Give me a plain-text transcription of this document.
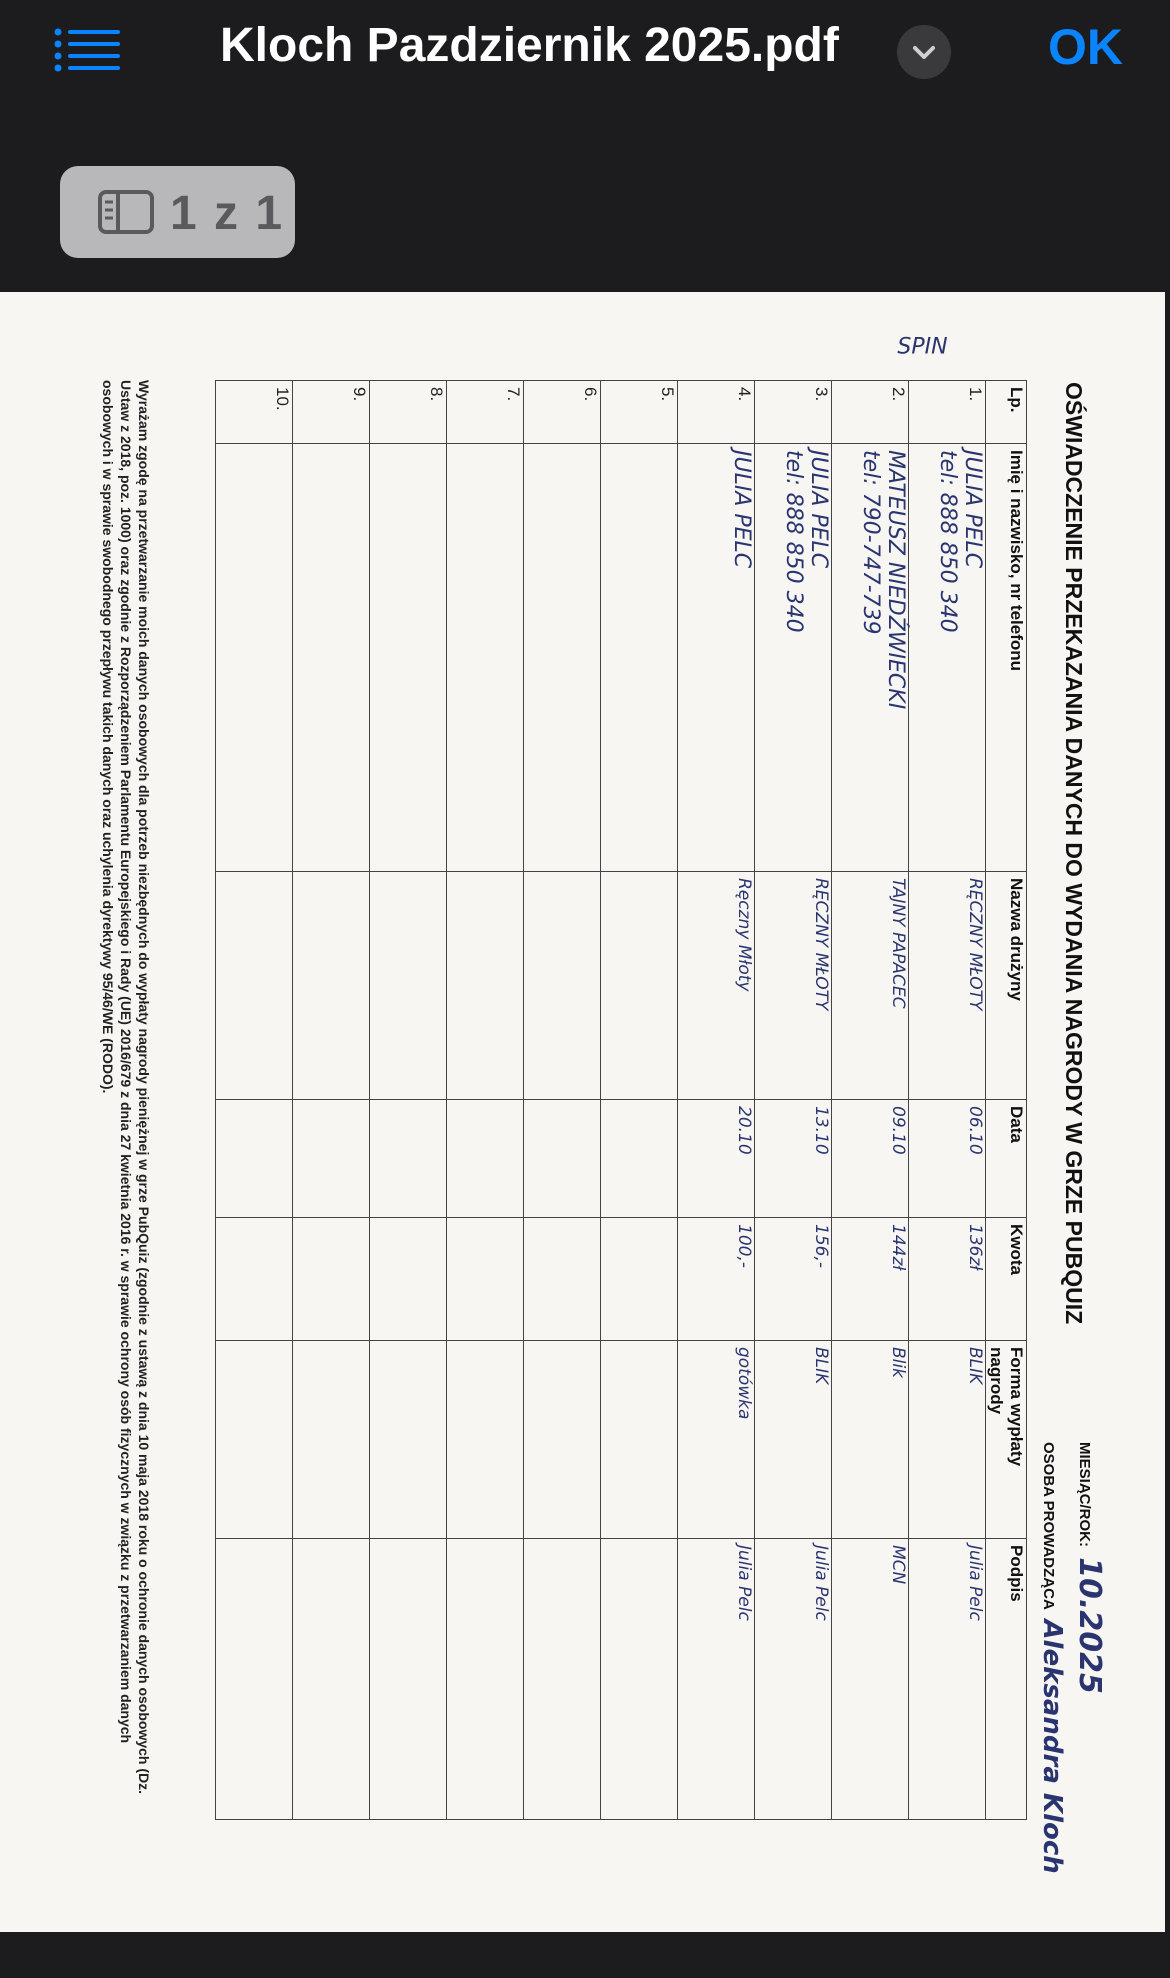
Kloch Pazdziernik 2025.pdf	OK
1 z 1
OŚWIADCZENIE PRZEKAZANIA DANYCH DO WYDANIA NAGRODY W GRZE PUBQUIZ
MIESIĄC/ROK: 10.2025
OSOBA PROWADZĄCA Aleksandra Kloch
SPIN
Lp.	Imię i nazwisko, nr telefonu	Nazwa drużyny	Data	Kwota	Forma wypłaty nagrody	Podpis
1.	JULIA PELC
tel: 888 850 340	RĘCZNY MŁOTY	06.10	136zł	BLIK	Julia Pelc
2.	MATEUSZ NIEDŹWIECKI
tel: 790-747-739	TAJNY PAPACEC	09.10	144zł	Blik	MCN
3.	JULIA PELC
tel: 888 850 340	RĘCZNY MŁOTY	13.10	156,-	BLIK	Julia Pelc
4.	JULIA PELC	Ręczny Młoty	20.10	100,-	gotówka	Julia Pelc
5.						
6.						
7.						
8.						
9.						
10.						
Wyrażam zgodę na przetwarzanie moich danych osobowych dla potrzeb niezbędnych do wypłaty nagrody pieniężnej w grze PubQuiz (zgodnie z ustawą z dnia 10 maja 2018 roku o ochronie danych osobowych (Dz. Ustaw z 2018, poz. 1000) oraz zgodnie z Rozporządzeniem Parlamentu Europejskiego i Rady (UE) 2016/679 z dnia 27 kwietnia 2016 r. w sprawie ochrony osób fizycznych w związku z przetwarzaniem danych osobowych i w sprawie swobodnego przepływu takich danych oraz uchylenia dyrektywy 95/46/WE (RODO).
